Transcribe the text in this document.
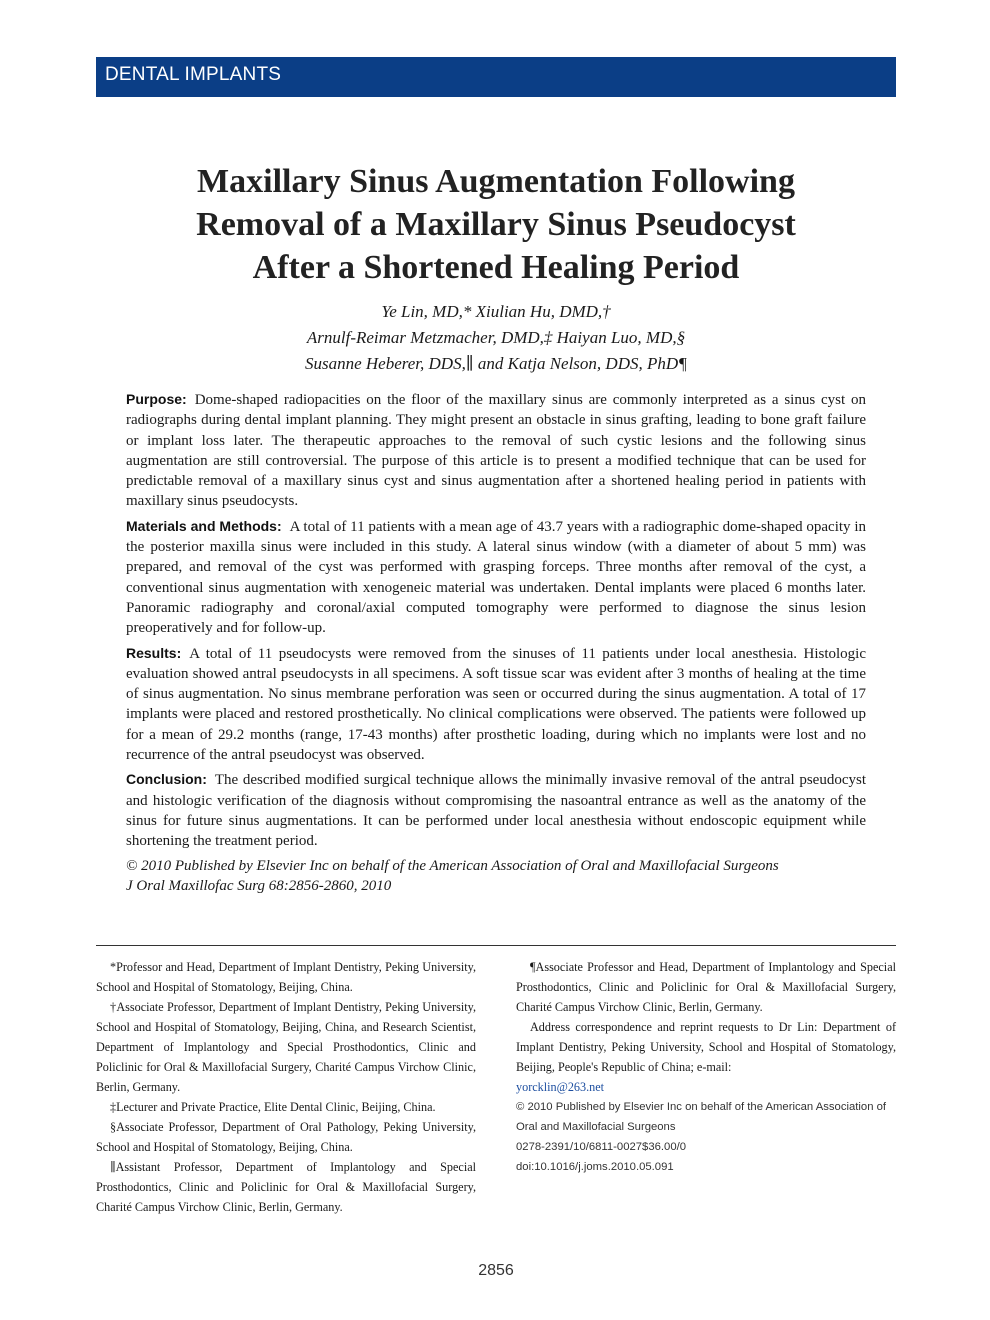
DENTAL IMPLANTS
Maxillary Sinus Augmentation Following
Removal of a Maxillary Sinus Pseudocyst
After a Shortened Healing Period
Ye Lin, MD,* Xiulian Hu, DMD,†
Arnulf-Reimar Metzmacher, DMD,‡ Haiyan Luo, MD,§
Susanne Heberer, DDS,∥ and Katja Nelson, DDS, PhD¶

Purpose: Dome-shaped radiopacities on the floor of the maxillary sinus are commonly interpreted as a sinus cyst on radiographs during dental implant planning. They might present an obstacle in sinus grafting, leading to bone graft failure or implant loss later. The therapeutic approaches to the removal of such cystic lesions and the following sinus augmentation are still controversial. The purpose of this article is to present a modified technique that can be used for predictable removal of a maxillary sinus cyst and sinus augmentation after a shortened healing period in patients with maxillary sinus pseudocysts.

Materials and Methods: A total of 11 patients with a mean age of 43.7 years with a radiographic dome-shaped opacity in the posterior maxilla sinus were included in this study. A lateral sinus window (with a diameter of about 5 mm) was prepared, and removal of the cyst was performed with grasping forceps. Three months after removal of the cyst, a conventional sinus augmentation with xenogeneic material was undertaken. Dental implants were placed 6 months later. Panoramic radiography and coronal/axial computed tomography were performed to diagnose the sinus lesion preoperatively and for follow-up.

Results: A total of 11 pseudocysts were removed from the sinuses of 11 patients under local anesthesia. Histologic evaluation showed antral pseudocysts in all specimens. A soft tissue scar was evident after 3 months of healing at the time of sinus augmentation. No sinus membrane perforation was seen or occurred during the sinus augmentation. A total of 17 implants were placed and restored prosthetically. No clinical complications were observed. The patients were followed up for a mean of 29.2 months (range, 17-43 months) after prosthetic loading, during which no implants were lost and no recurrence of the antral pseudocyst was observed.

Conclusion: The described modified surgical technique allows the minimally invasive removal of the antral pseudocyst and histologic verification of the diagnosis without compromising the nasoantral entrance as well as the anatomy of the sinus for future sinus augmentations. It can be performed under local anesthesia without endoscopic equipment while shortening the treatment period.

© 2010 Published by Elsevier Inc on behalf of the American Association of Oral and Maxillofacial Surgeons

J Oral Maxillofac Surg 68:2856-2860, 2010

*Professor and Head, Department of Implant Dentistry, Peking University, School and Hospital of Stomatology, Beijing, China.

†Associate Professor, Department of Implant Dentistry, Peking University, School and Hospital of Stomatology, Beijing, China, and Research Scientist, Department of Implantology and Special Prosthodontics, Clinic and Policlinic for Oral & Maxillofacial Surgery, Charité Campus Virchow Clinic, Berlin, Germany.

‡Lecturer and Private Practice, Elite Dental Clinic, Beijing, China.

§Associate Professor, Department of Oral Pathology, Peking University, School and Hospital of Stomatology, Beijing, China.

∥Assistant Professor, Department of Implantology and Special Prosthodontics, Clinic and Policlinic for Oral & Maxillofacial Surgery, Charité Campus Virchow Clinic, Berlin, Germany.

¶Associate Professor and Head, Department of Implantology and Special Prosthodontics, Clinic and Policlinic for Oral & Maxillofacial Surgery, Charité Campus Virchow Clinic, Berlin, Germany.

Address correspondence and reprint requests to Dr Lin: Department of Implant Dentistry, Peking University, School and Hospital of Stomatology, Beijing, People's Republic of China; e-mail:

yorcklin@263.net

© 2010 Published by Elsevier Inc on behalf of the American Association of Oral and Maxillofacial Surgeons

0278-2391/10/6811-0027$36.00/0

doi:10.1016/j.joms.2010.05.091

2856
